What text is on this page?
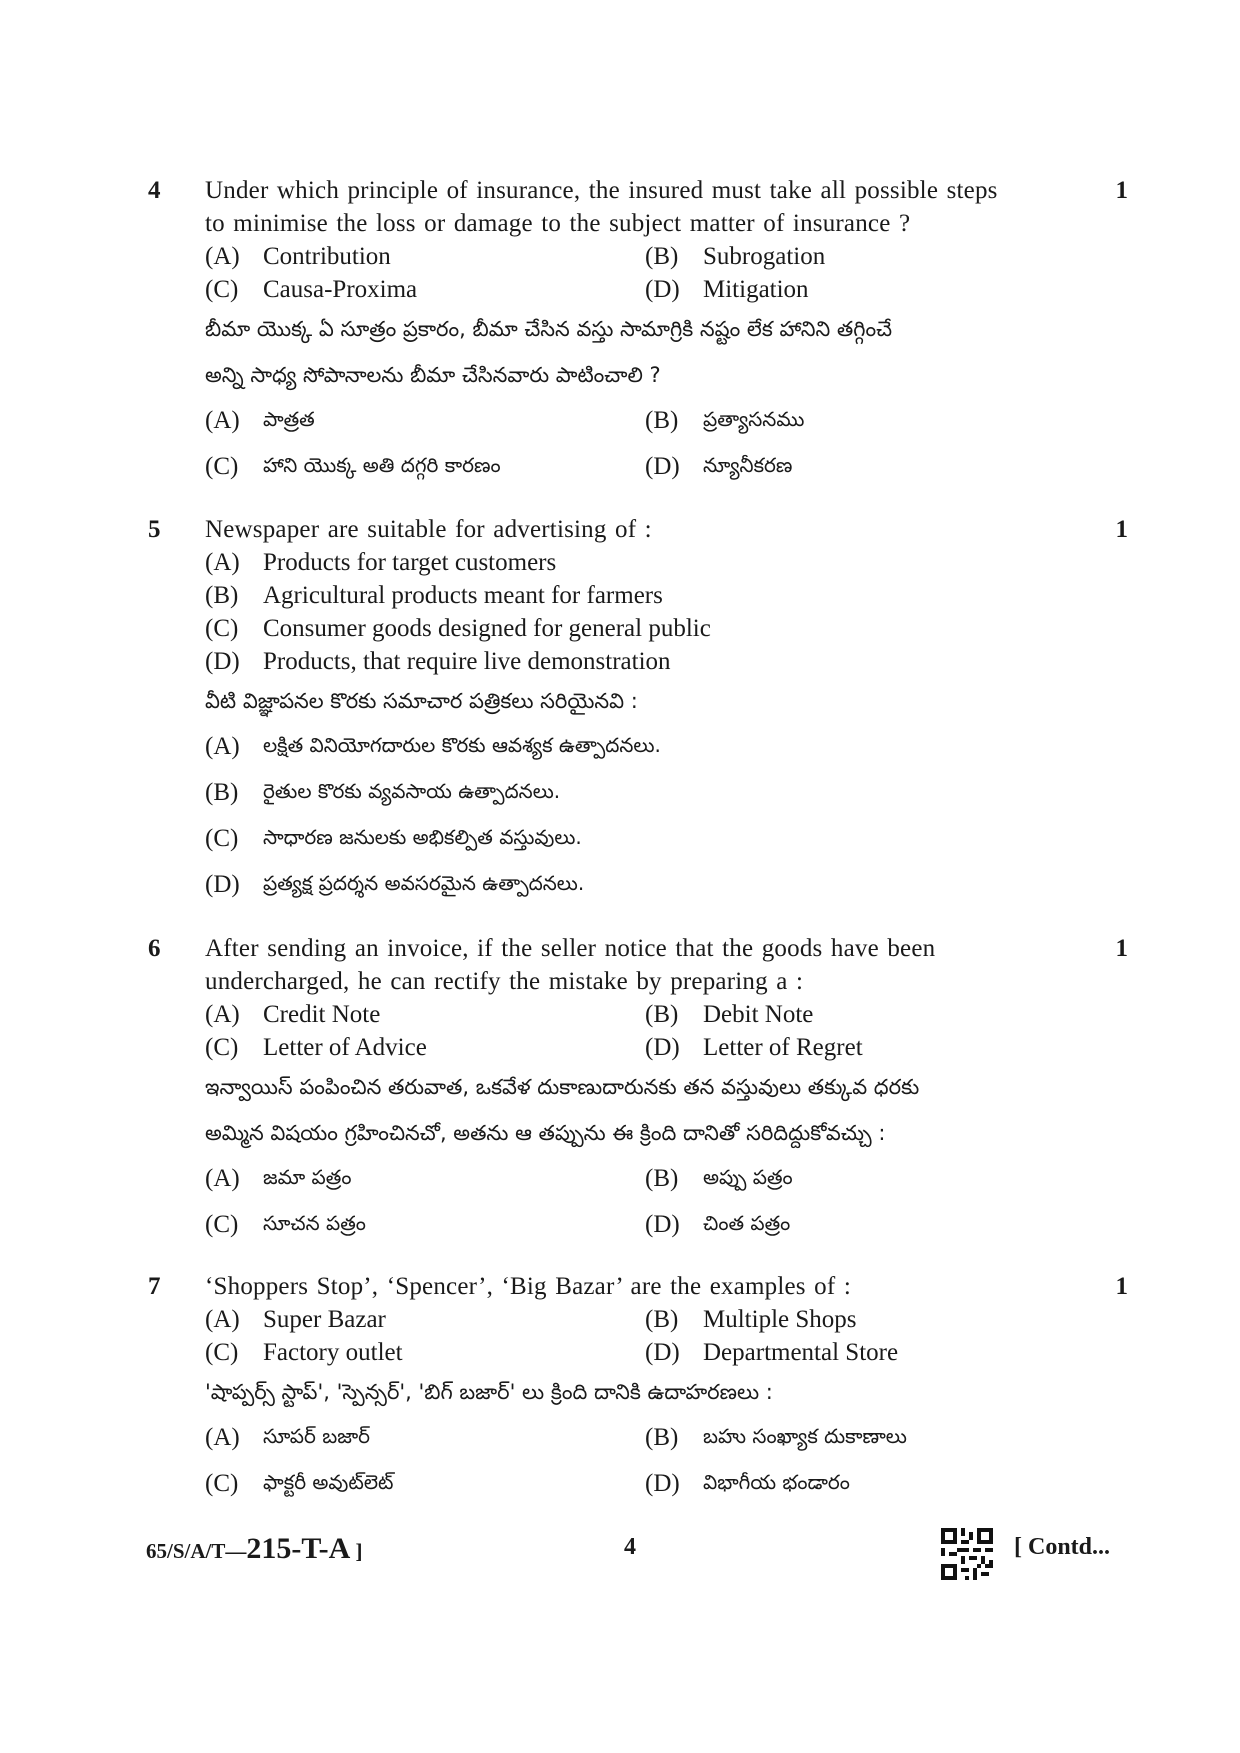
4	1
Under which principle of insurance, the insured must take all possible steps
to minimise the loss or damage to the subject matter of insurance ?
(A) Contribution	(B) Subrogation
(C) Causa-Proxima	(D) Mitigation
బీమా యొక్క ఏ సూత్రం ప్రకారం, బీమా చేసిన వస్తు సామాగ్రికి నష్టం లేక హానిని తగ్గించే
అన్ని సాధ్య సోపానాలను బీమా చేసినవారు పాటించాలి ?
(A)	పాత్రత	(B)	ప్రత్యాసనము
(C)	హాని యొక్క అతి దగ్గరి కారణం	(D)	న్యూనీకరణ
5	1
Newspaper are suitable for advertising of :
(A) Products for target customers
(B) Agricultural products meant for farmers
(C) Consumer goods designed for general public
(D) Products, that require live demonstration
వీటి విజ్ఞాపనల కొరకు సమాచార పత్రికలు సరియైనవి :
(A)	లక్షిత వినియోగదారుల కొరకు ఆవశ్యక ఉత్పాదనలు.
(B)	రైతుల కొరకు వ్యవసాయ ఉత్పాదనలు.
(C)	సాధారణ జనులకు అభికల్పిత వస్తువులు.
(D)	ప్రత్యక్ష ప్రదర్శన అవసరమైన ఉత్పాదనలు.
6	1
After sending an invoice, if the seller notice that the goods have been
undercharged, he can rectify the mistake by preparing a :
(A) Credit Note	(B) Debit Note
(C) Letter of Advice	(D) Letter of Regret
ఇన్వాయిస్ పంపించిన తరువాత, ఒకవేళ దుకాణుదారునకు తన వస్తువులు తక్కువ ధరకు
అమ్మిన విషయం గ్రహించినచో, అతను ఆ తప్పును ఈ క్రింది దానితో సరిదిద్దుకోవచ్చు :
(A)	జమా పత్రం	(B)	అప్పు పత్రం
(C)	సూచన పత్రం	(D)	చింత పత్రం
7	1
‘Shoppers Stop’, ‘Spencer’, ‘Big Bazar’ are the examples of :
(A) Super Bazar	(B) Multiple Shops
(C) Factory outlet	(D) Departmental Store
'షాప్పర్స్ స్టాప్', 'స్పెన్సర్', 'బిగ్ బజార్' లు క్రింది దానికి ఉదాహరణలు :
(A)	సూపర్ బజార్	(B)	బహు సంఖ్యాక దుకాణాలు
(C)	ఫాక్టరీ అవుట్‌లెట్	(D)	విభాగీయ భండారం
65/S/A/T—215-T-A ]	4	[ Contd...
